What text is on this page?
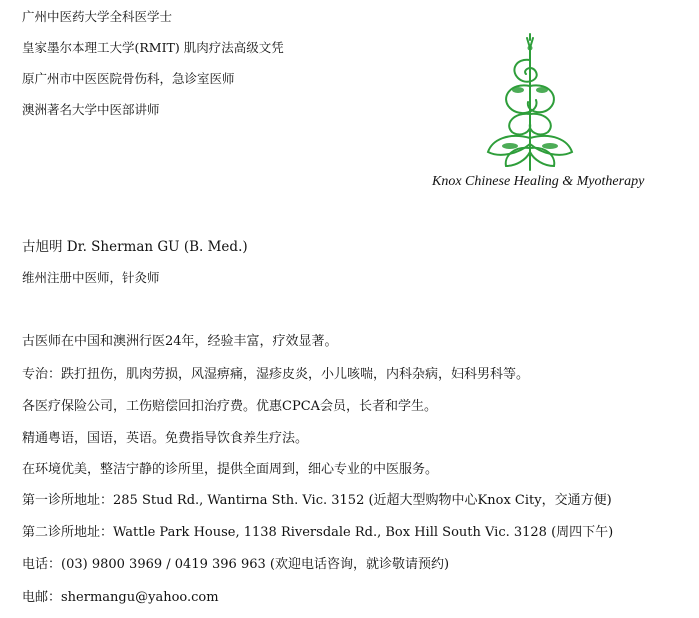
广州中医药大学全科医学士
皇家墨尔本理工大学(RMIT) 肌肉疗法高级文凭
原广州市中医医院骨伤科，急诊室医师
澳洲著名大学中医部讲师
Knox Chinese Healing & Myotherapy
古旭明 Dr. Sherman GU (B. Med.)
维州注册中医师，针灸师
古医师在中国和澳洲行医24年，经验丰富，疗效显著。
专治：跌打扭伤，肌肉劳损，风湿痹痛，湿疹皮炎，小儿咳喘，内科杂病，妇科男科等。
各医疗保险公司，工伤赔偿回扣治疗费。优惠CPCA会员，长者和学生。
精通粤语，国语，英语。免费指导饮食养生疗法。
在环境优美，整洁宁静的诊所里，提供全面周到，细心专业的中医服务。
第一诊所地址：285 Stud Rd., Wantirna Sth. Vic. 3152 (近超大型购物中心Knox City，交通方便)
第二诊所地址：Wattle Park House, 1138 Riversdale Rd., Box Hill South Vic. 3128 (周四下午)
电话：(03) 9800 3969 / 0419 396 963 (欢迎电话咨询，就诊敬请预约)
电邮：shermangu@yahoo.com
